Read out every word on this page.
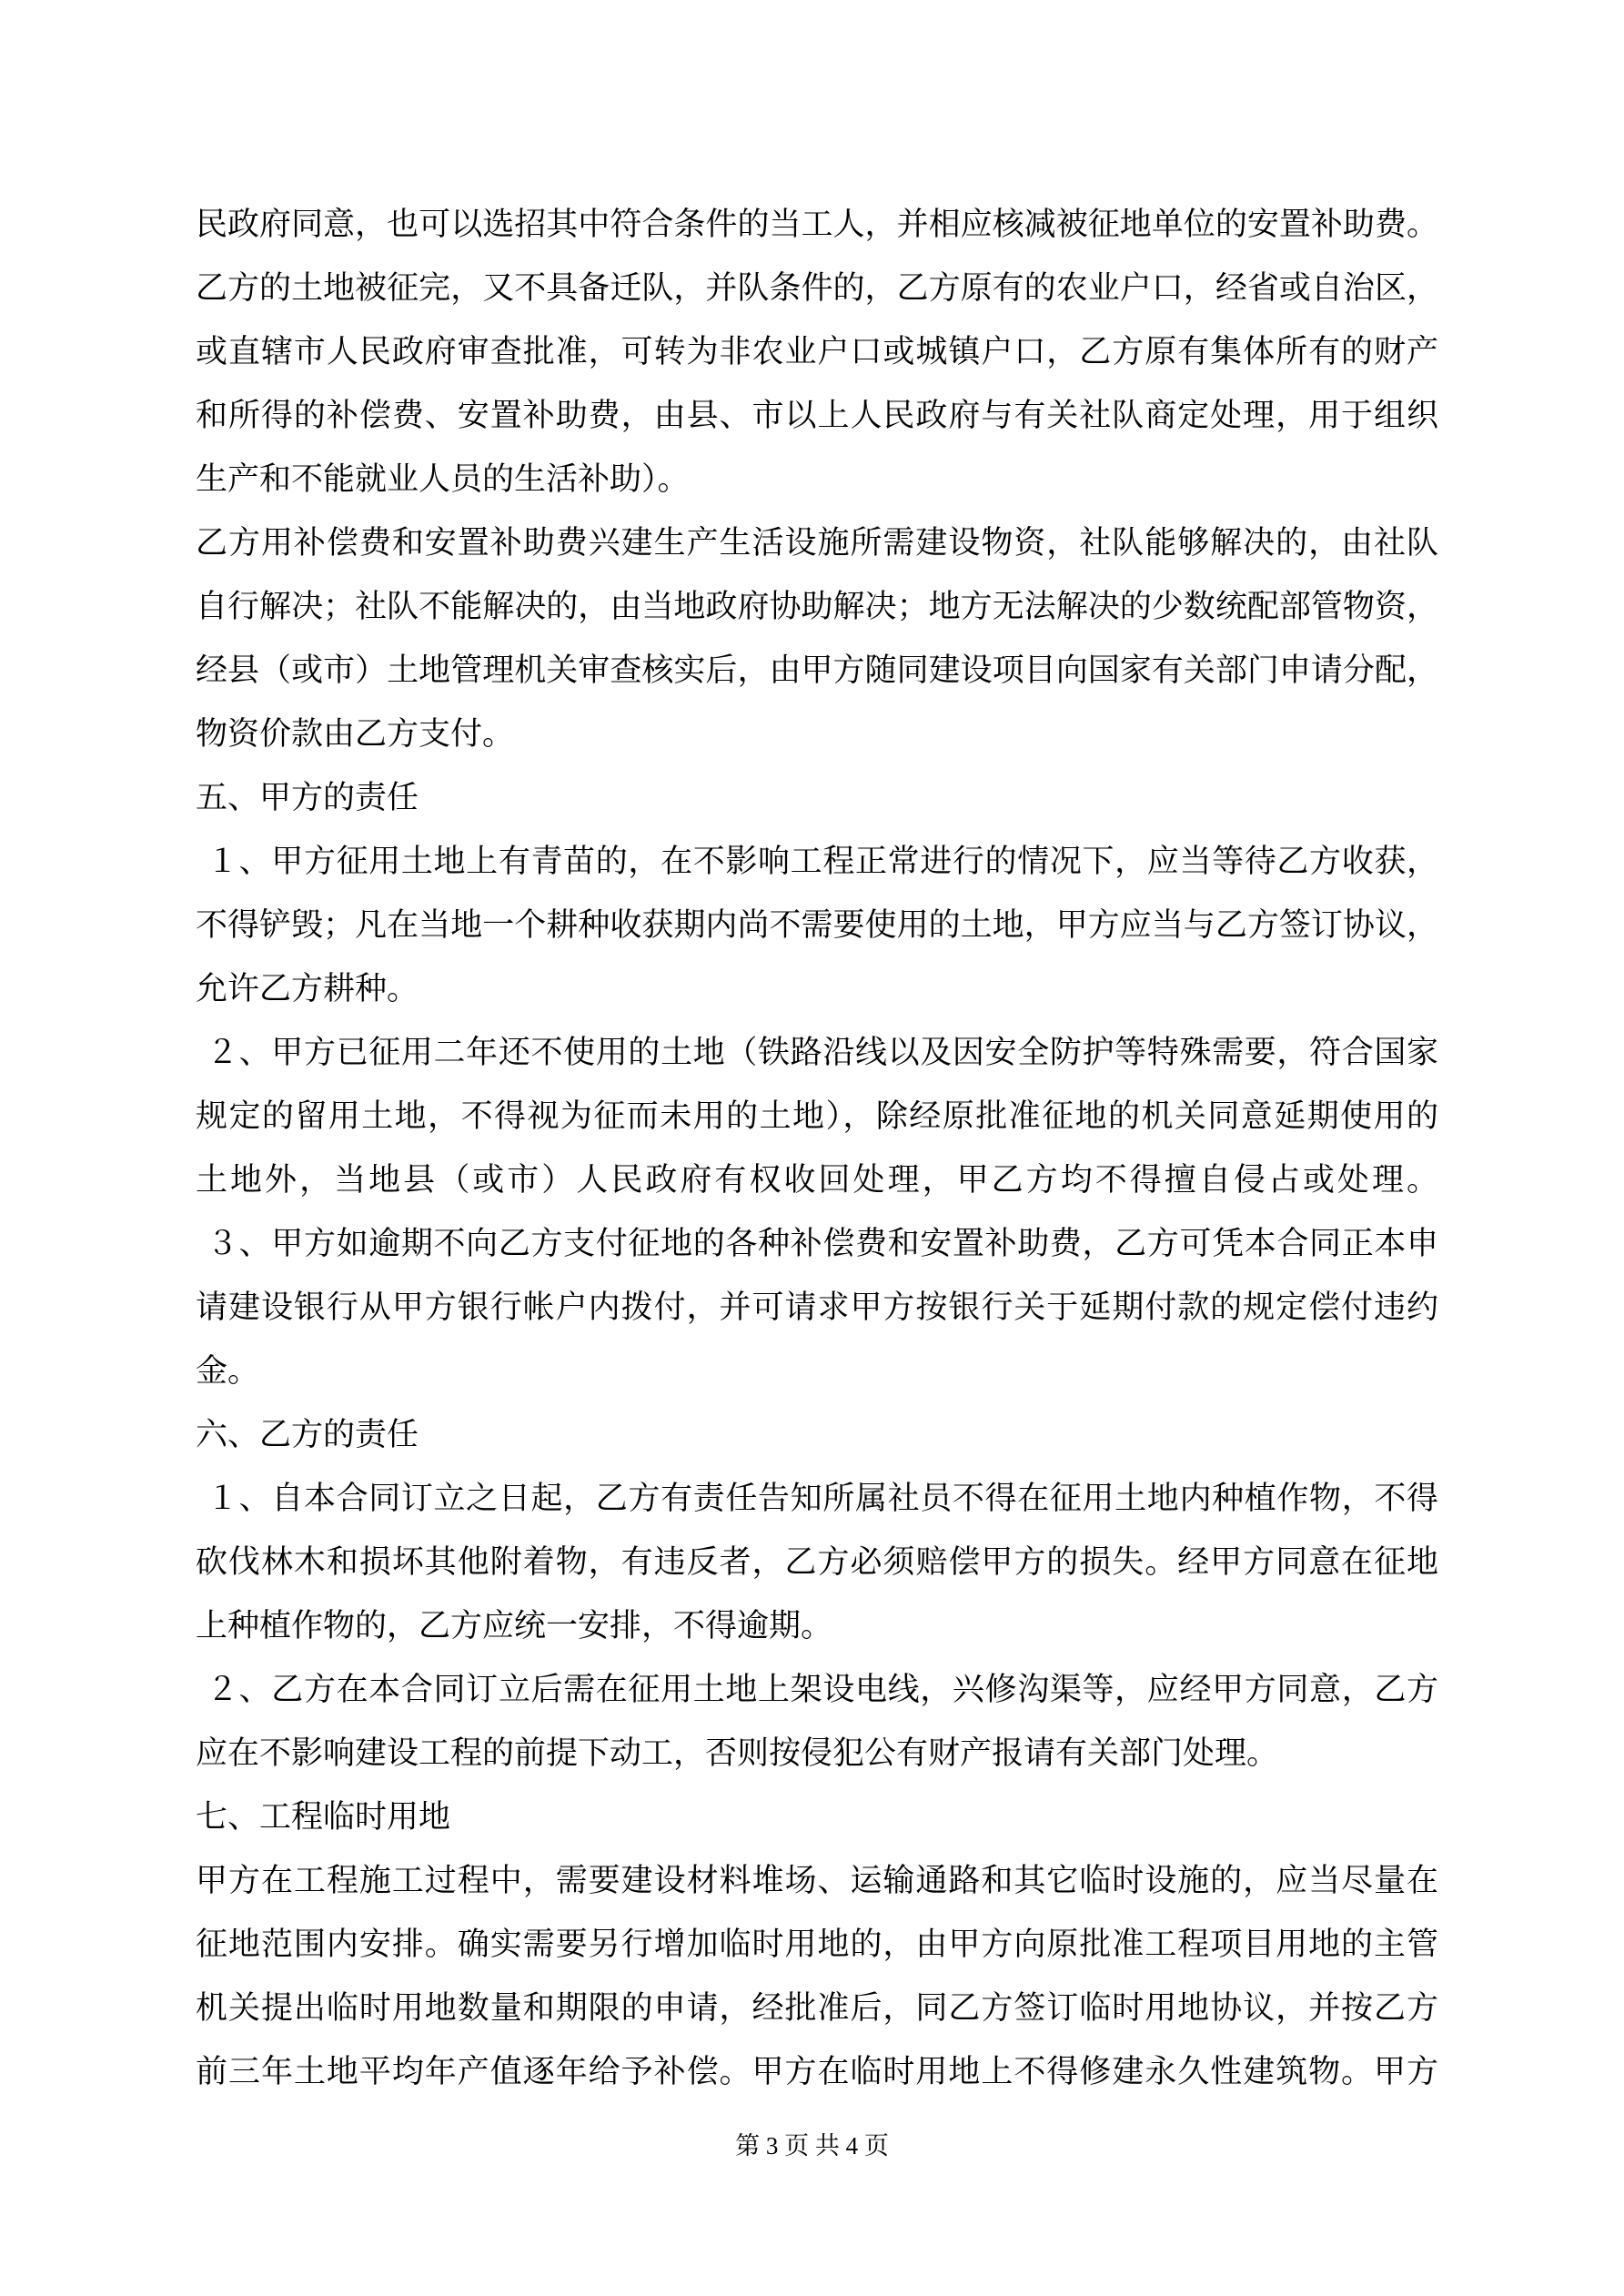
民政府同意，也可以选招其中符合条件的当工人，并相应核减被征地单位的安置补助费。

乙方的土地被征完，又不具备迁队，并队条件的，乙方原有的农业户口，经省或自治区，

或直辖市人民政府审查批准，可转为非农业户口或城镇户口，乙方原有集体所有的财产

和所得的补偿费、安置补助费，由县、市以上人民政府与有关社队商定处理，用于组织

生产和不能就业人员的生活补助）。

乙方用补偿费和安置补助费兴建生产生活设施所需建设物资，社队能够解决的，由社队

自行解决；社队不能解决的，由当地政府协助解决；地方无法解决的少数统配部管物资，

经县（或市）土地管理机关审查核实后，由甲方随同建设项目向国家有关部门申请分配，

物资价款由乙方支付。

五、甲方的责任

１、甲方征用土地上有青苗的，在不影响工程正常进行的情况下，应当等待乙方收获，

不得铲毁；凡在当地一个耕种收获期内尚不需要使用的土地，甲方应当与乙方签订协议，

允许乙方耕种。

２、甲方已征用二年还不使用的土地（铁路沿线以及因安全防护等特殊需要，符合国家

规定的留用土地，不得视为征而未用的土地），除经原批准征地的机关同意延期使用的

土地外，当地县（或市）人民政府有权收回处理，甲乙方均不得擅自侵占或处理。

３、甲方如逾期不向乙方支付征地的各种补偿费和安置补助费，乙方可凭本合同正本申

请建设银行从甲方银行帐户内拨付，并可请求甲方按银行关于延期付款的规定偿付违约

金。

六、乙方的责任

１、自本合同订立之日起，乙方有责任告知所属社员不得在征用土地内种植作物，不得

砍伐林木和损坏其他附着物，有违反者，乙方必须赔偿甲方的损失。经甲方同意在征地

上种植作物的，乙方应统一安排，不得逾期。

２、乙方在本合同订立后需在征用土地上架设电线，兴修沟渠等，应经甲方同意，乙方

应在不影响建设工程的前提下动工，否则按侵犯公有财产报请有关部门处理。

七、工程临时用地

甲方在工程施工过程中，需要建设材料堆场、运输通路和其它临时设施的，应当尽量在

征地范围内安排。确实需要另行增加临时用地的，由甲方向原批准工程项目用地的主管

机关提出临时用地数量和期限的申请，经批准后，同乙方签订临时用地协议，并按乙方

前三年土地平均年产值逐年给予补偿。甲方在临时用地上不得修建永久性建筑物。甲方

第 3 页 共 4 页
